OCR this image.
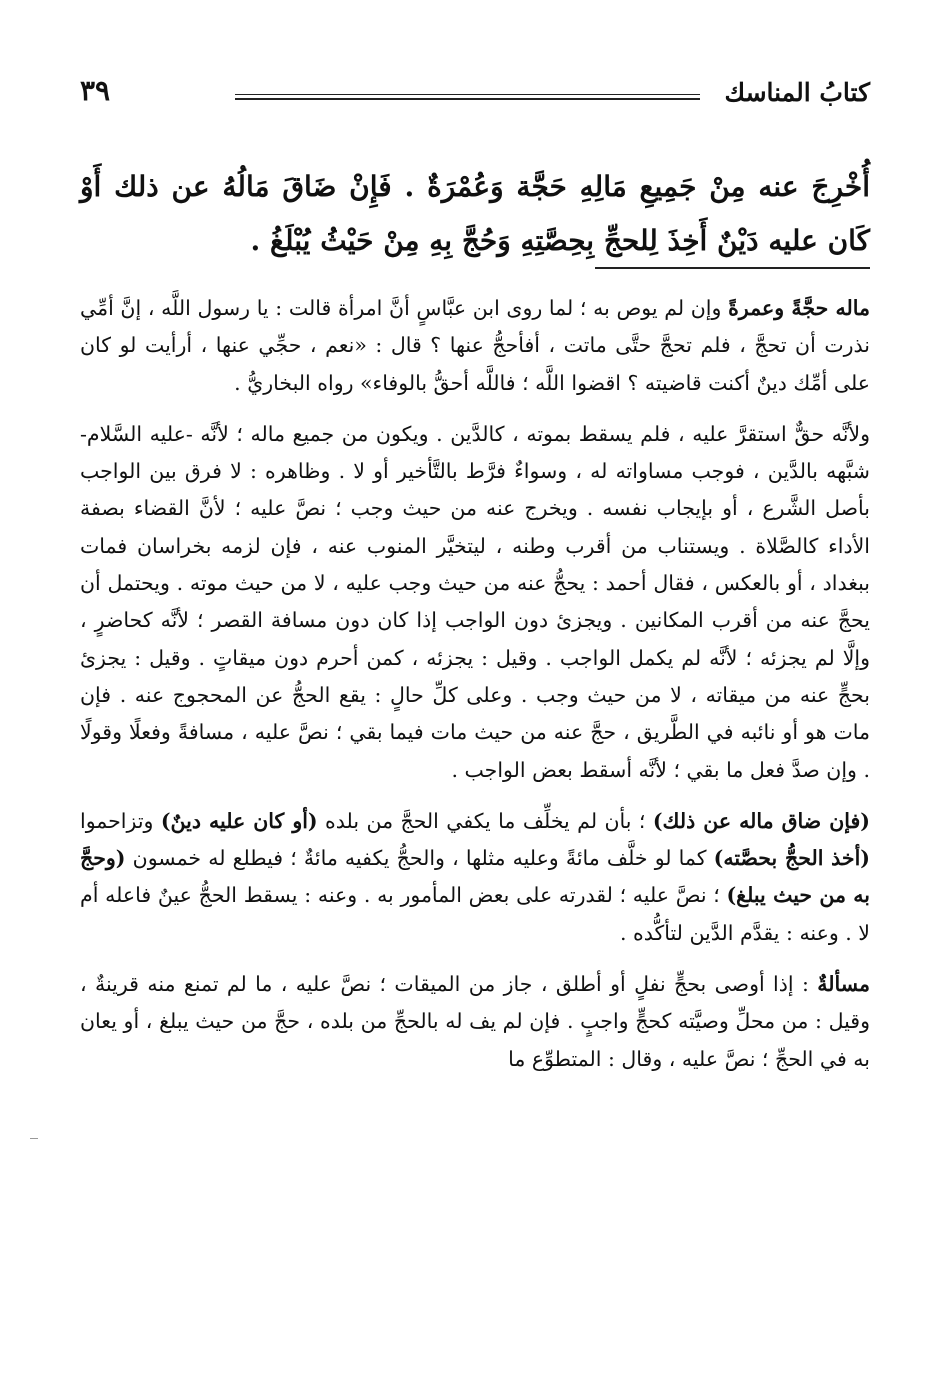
كتابُ المناسك
٣٩
أُخْرِجَ عنه مِنْ جَمِيعِ مَالِهِ حَجَّة وَعُمْرَةٌ . فَإِنْ ضَاقَ مَالُهُ عن ذلك أَوْ كَان عليه دَيْنٌ أَخِذَ لِلحجِّ بِحِصَّتِهِ وَحُجَّ بِهِ مِنْ حَيْثُ يُبْلَغُ .

ماله حجَّةً وعمرةً وإن لم يوص به ؛ لما روى ابن عبَّاسٍ أنَّ امرأة قالت : يا رسول اللَّه ، إنَّ أمِّي نذرت أن تحجَّ ، فلم تحجَّ حتَّى ماتت ، أفأحجُّ عنها ؟ قال : «نعم ، حجِّي عنها ، أرأيت لو كان على أمِّك دينٌ أكنت قاضيته ؟ اقضوا اللَّه ؛ فاللَّه أحقُّ بالوفاء» رواه البخاريُّ .

ولأنَّه حقٌّ استقرَّ عليه ، فلم يسقط بموته ، كالدَّين . ويكون من جميع ماله ؛ لأنَّه -عليه السَّلام- شبَّهه بالدَّين ، فوجب مساواته له ، وسواءٌ فرَّط بالتَّأخير أو لا . وظاهره : لا فرق بين الواجب بأصل الشَّرع ، أو بإيجاب نفسه . ويخرج عنه من حيث وجب ؛ نصَّ عليه ؛ لأنَّ القضاء بصفة الأداء كالصَّلاة . ويستناب من أقرب وطنه ، ليتخيَّر المنوب عنه ، فإن لزمه بخراسان فمات ببغداد ، أو بالعكس ، فقال أحمد : يحجُّ عنه من حيث وجب عليه ، لا من حيث موته . ويحتمل أن يحجَّ عنه من أقرب المكانين . ويجزئ دون الواجب إذا كان دون مسافة القصر ؛ لأنَّه كحاضرٍ ، وإلَّا لم يجزئه ؛ لأنَّه لم يكمل الواجب . وقيل : يجزئه ، كمن أحرم دون ميقاتٍ . وقيل : يجزئ بحجٍّ عنه من ميقاته ، لا من حيث وجب . وعلى كلِّ حالٍ : يقع الحجُّ عن المحجوج عنه . فإن مات هو أو نائبه في الطَّريق ، حجَّ عنه من حيث مات فيما بقي ؛ نصَّ عليه ، مسافةً وفعلًا وقولًا . وإن صدَّ فعل ما بقي ؛ لأنَّه أسقط بعض الواجب .

(فإن ضاق ماله عن ذلك) ؛ بأن لم يخلِّف ما يكفي الحجَّ من بلده (أو كان عليه دينٌ) وتزاحموا (أخذ الحجُّ بحصَّته) كما لو خلَّف مائةً وعليه مثلها ، والحجُّ يكفيه مائةٌ ؛ فيطلع له خمسون (وحجَّ به من حيث يبلغ) ؛ نصَّ عليه ؛ لقدرته على بعض المأمور به . وعنه : يسقط الحجُّ عينٌ فاعله أم لا . وعنه : يقدَّم الدَّين لتأكُّده .

مسألةٌ : إذا أوصى بحجٍّ نفلٍ أو أطلق ، جاز من الميقات ؛ نصَّ عليه ، ما لم تمنع منه قرينةٌ ، وقيل : من محلِّ وصيَّته كحجٍّ واجبٍ . فإن لم يف له بالحجِّ من بلده ، حجَّ من حيث يبلغ ، أو يعان به في الحجِّ ؛ نصَّ عليه ، وقال : المتطوِّع ما
